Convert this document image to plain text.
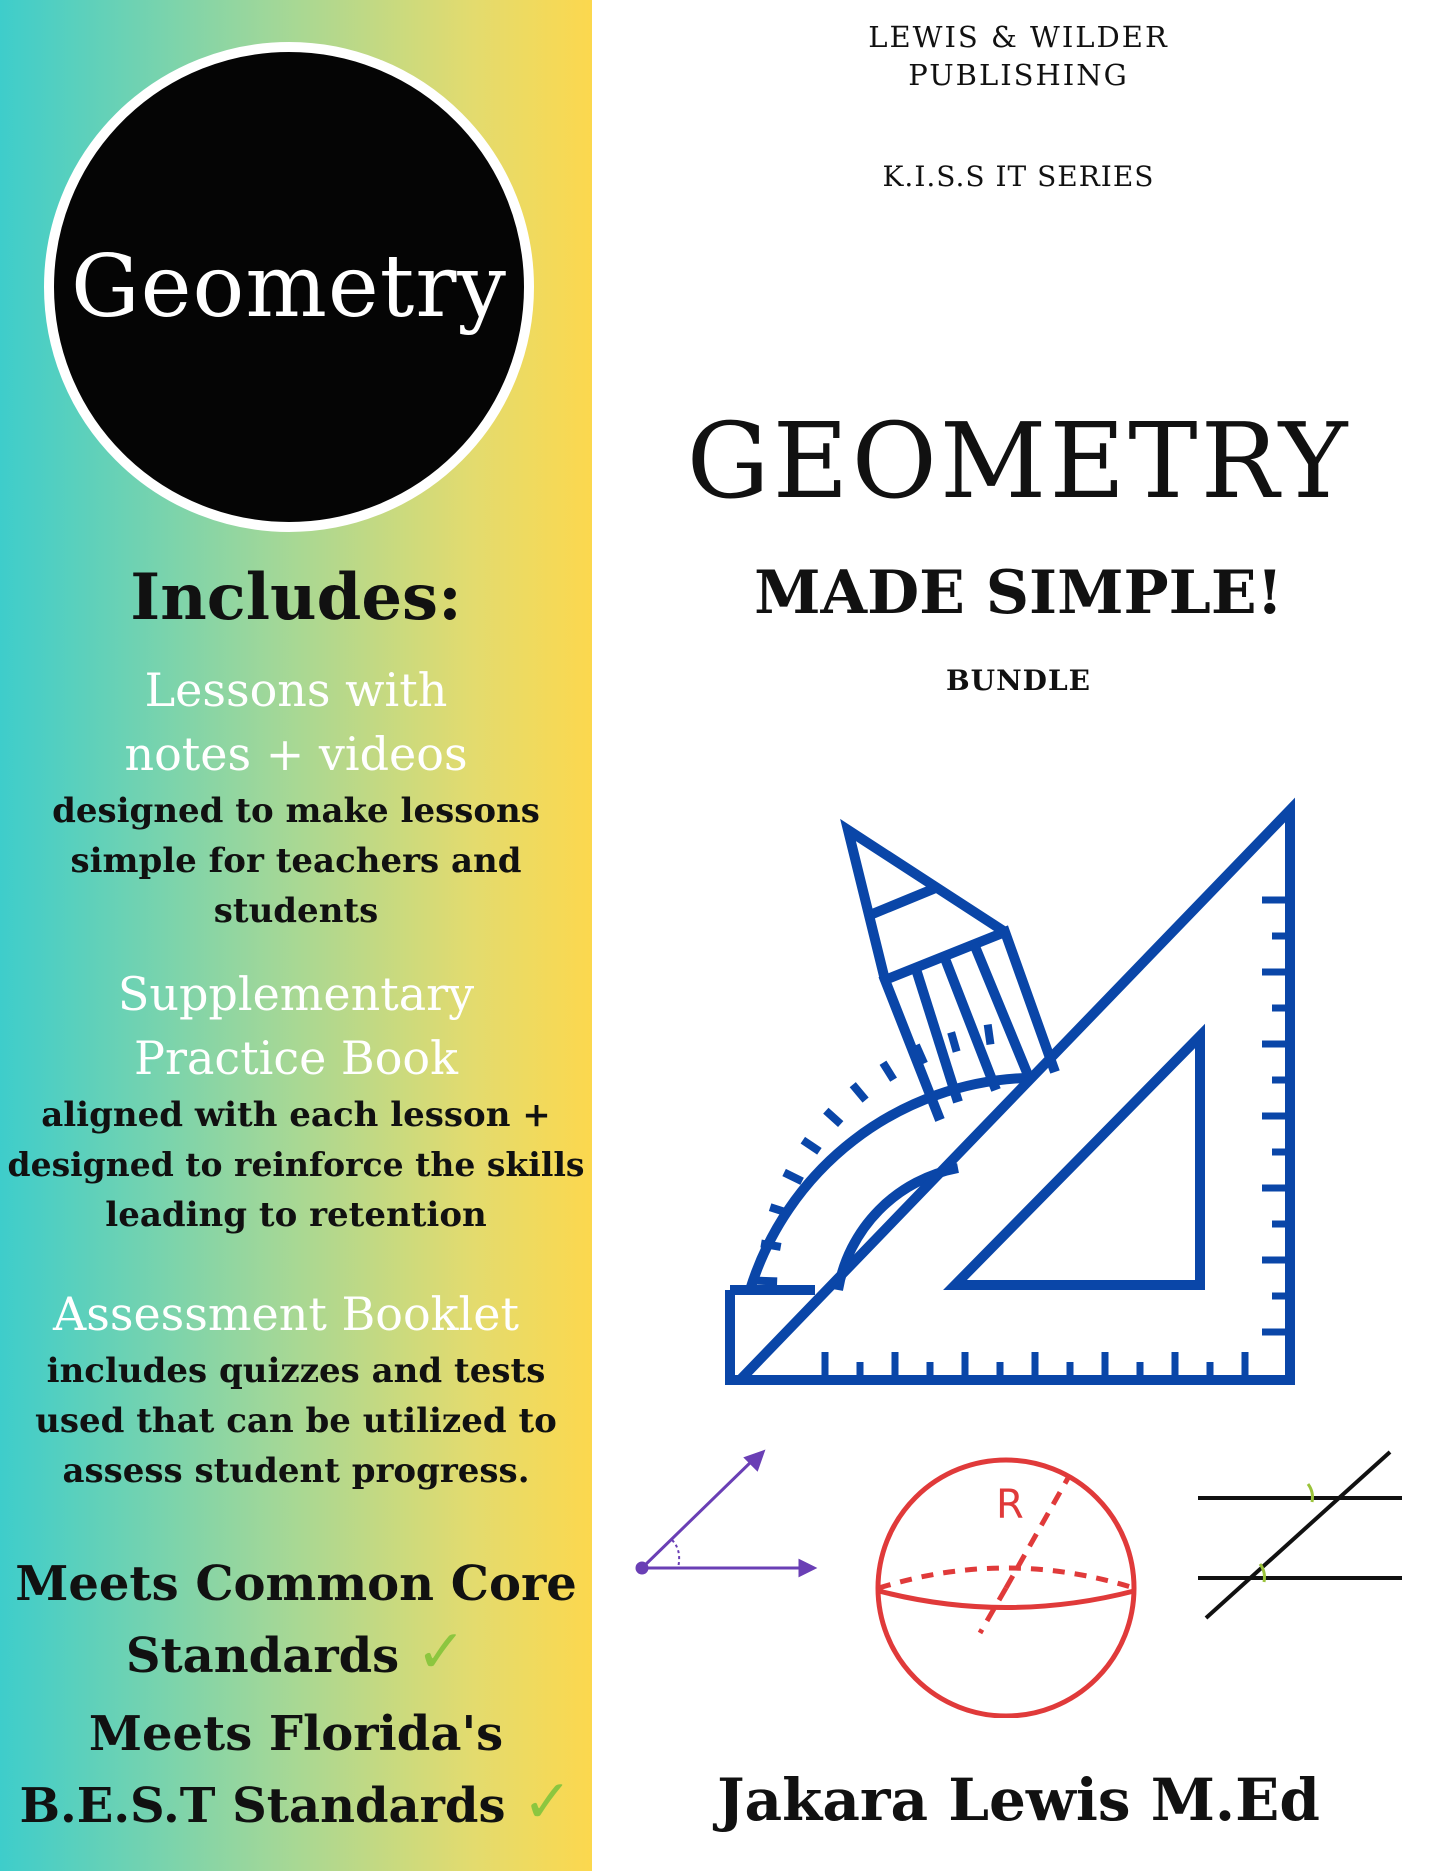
Geometry
Includes:
Lessons with
notes + videos
designed to make lessons
simple for teachers and
students
Supplementary
Practice Book
aligned with each lesson +
designed to reinforce the skills
leading to retention
Assessment Booklet
includes quizzes and tests
used that can be utilized to
assess student progress.
Meets Common Core
Standards ✓
Meets Florida's
B.E.S.T Standards ✓
LEWIS & WILDER
PUBLISHING
K.I.S.S IT SERIES
GEOMETRY
MADE SIMPLE!
BUNDLE
Jakara Lewis M.Ed
R
